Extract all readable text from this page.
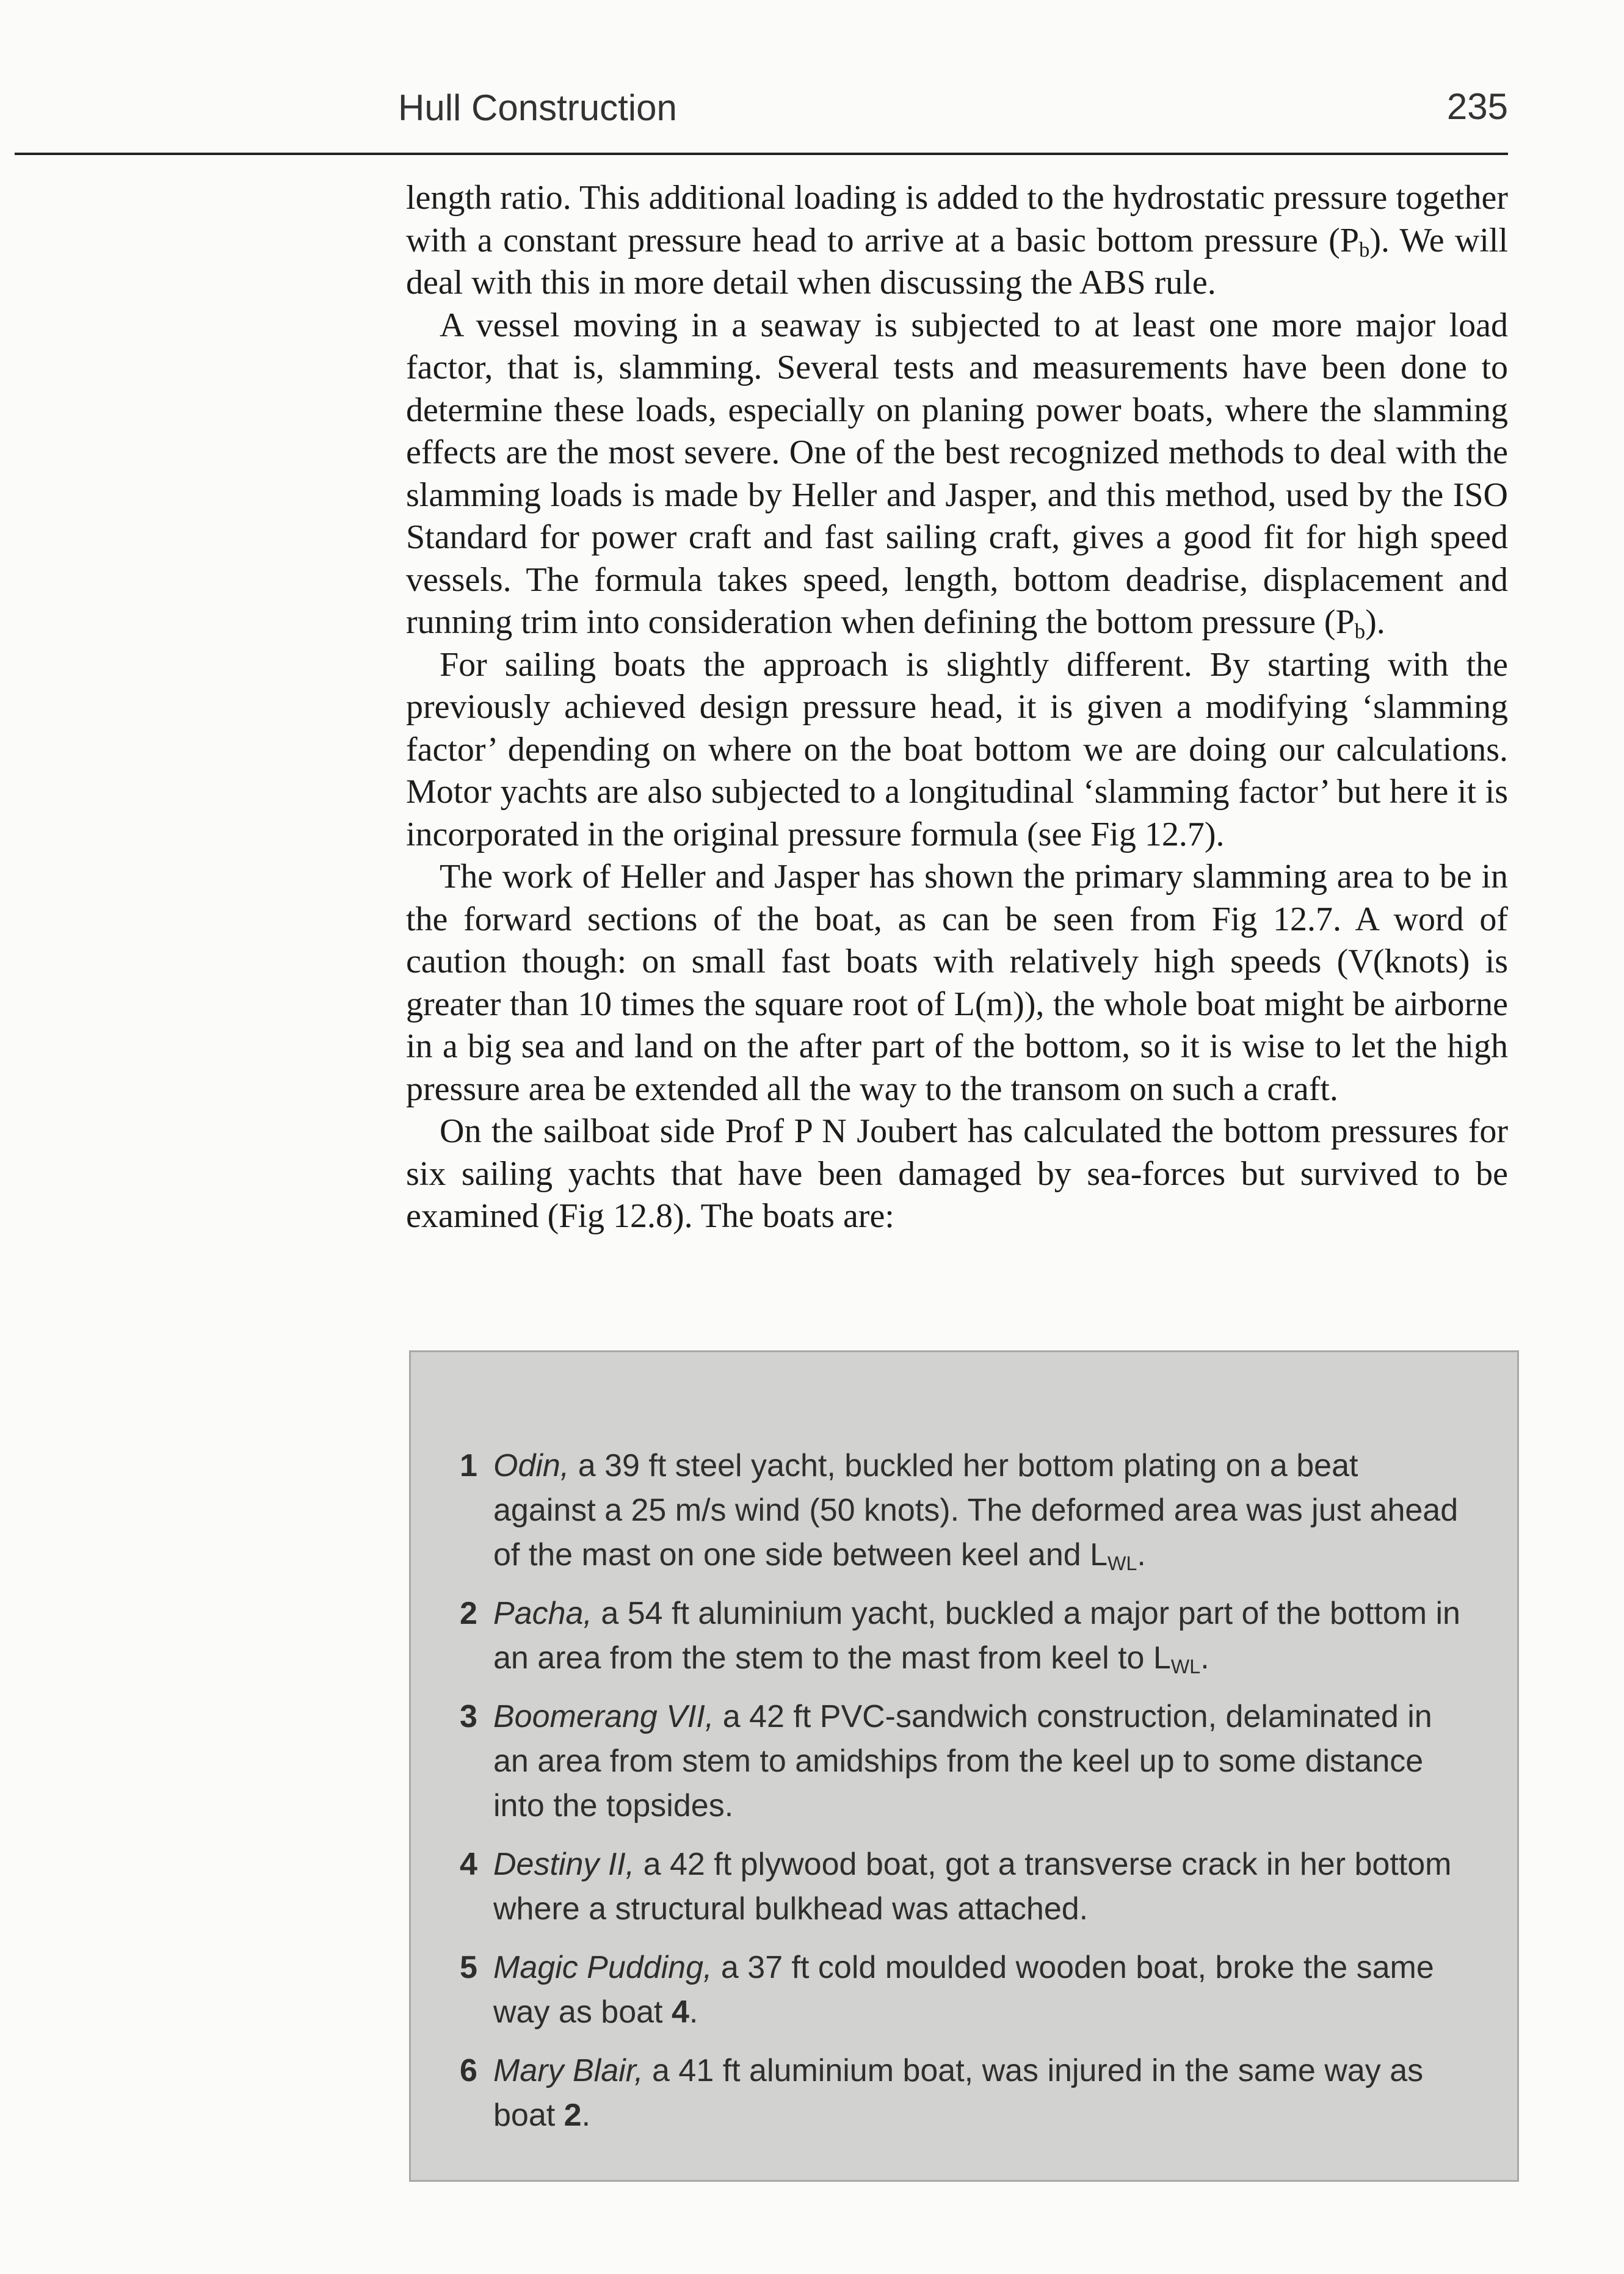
Hull Construction	235

length ratio. This additional loading is added to the hydrostatic pressure together with a constant pressure head to arrive at a basic bottom pressure $(P_b)$. We will deal with this in more detail when discussing the ABS rule.

A vessel moving in a seaway is subjected to at least one more major load factor, that is, slamming. Several tests and measurements have been done to determine these loads, especially on planing power boats, where the slamming effects are the most severe. One of the best recognized methods to deal with the slamming loads is made by Heller and Jasper, and this method, used by the ISO Standard for power craft and fast sailing craft, gives a good fit for high speed vessels. The formula takes speed, length, bottom deadrise, displacement and running trim into consideration when defining the bottom pressure $(P_b)$.

For sailing boats the approach is slightly different. By starting with the previously achieved design pressure head, it is given a modifying ‘slamming factor’ depending on where on the boat bottom we are doing our calculations. Motor yachts are also subjected to a longitudinal ‘slamming factor’ but here it is incorporated in the original pressure formula (see Fig 12.7).

The work of Heller and Jasper has shown the primary slamming area to be in the forward sections of the boat, as can be seen from Fig 12.7. A word of caution though: on small fast boats with relatively high speeds (V(knots) is greater than 10 times the square root of L(m)), the whole boat might be airborne in a big sea and land on the after part of the bottom, so it is wise to let the high pressure area be extended all the way to the transom on such a craft.

On the sailboat side Prof P N Joubert has calculated the bottom pressures for six sailing yachts that have been damaged by sea-forces but survived to be examined (Fig 12.8). The boats are:

1 Odin, a 39 ft steel yacht, buckled her bottom plating on a beat against a 25 m/s wind (50 knots). The deformed area was just ahead of the mast on one side between keel and $L_{WL}$.
2 Pacha, a 54 ft aluminium yacht, buckled a major part of the bottom in an area from the stem to the mast from keel to $L_{WL}$.
3 Boomerang VII, a 42 ft PVC-sandwich construction, delaminated in an area from stem to amidships from the keel up to some distance into the topsides.
4 Destiny II, a 42 ft plywood boat, got a transverse crack in her bottom where a structural bulkhead was attached.
5 Magic Pudding, a 37 ft cold moulded wooden boat, broke the same way as boat 4.
6 Mary Blair, a 41 ft aluminium boat, was injured in the same way as boat 2.
